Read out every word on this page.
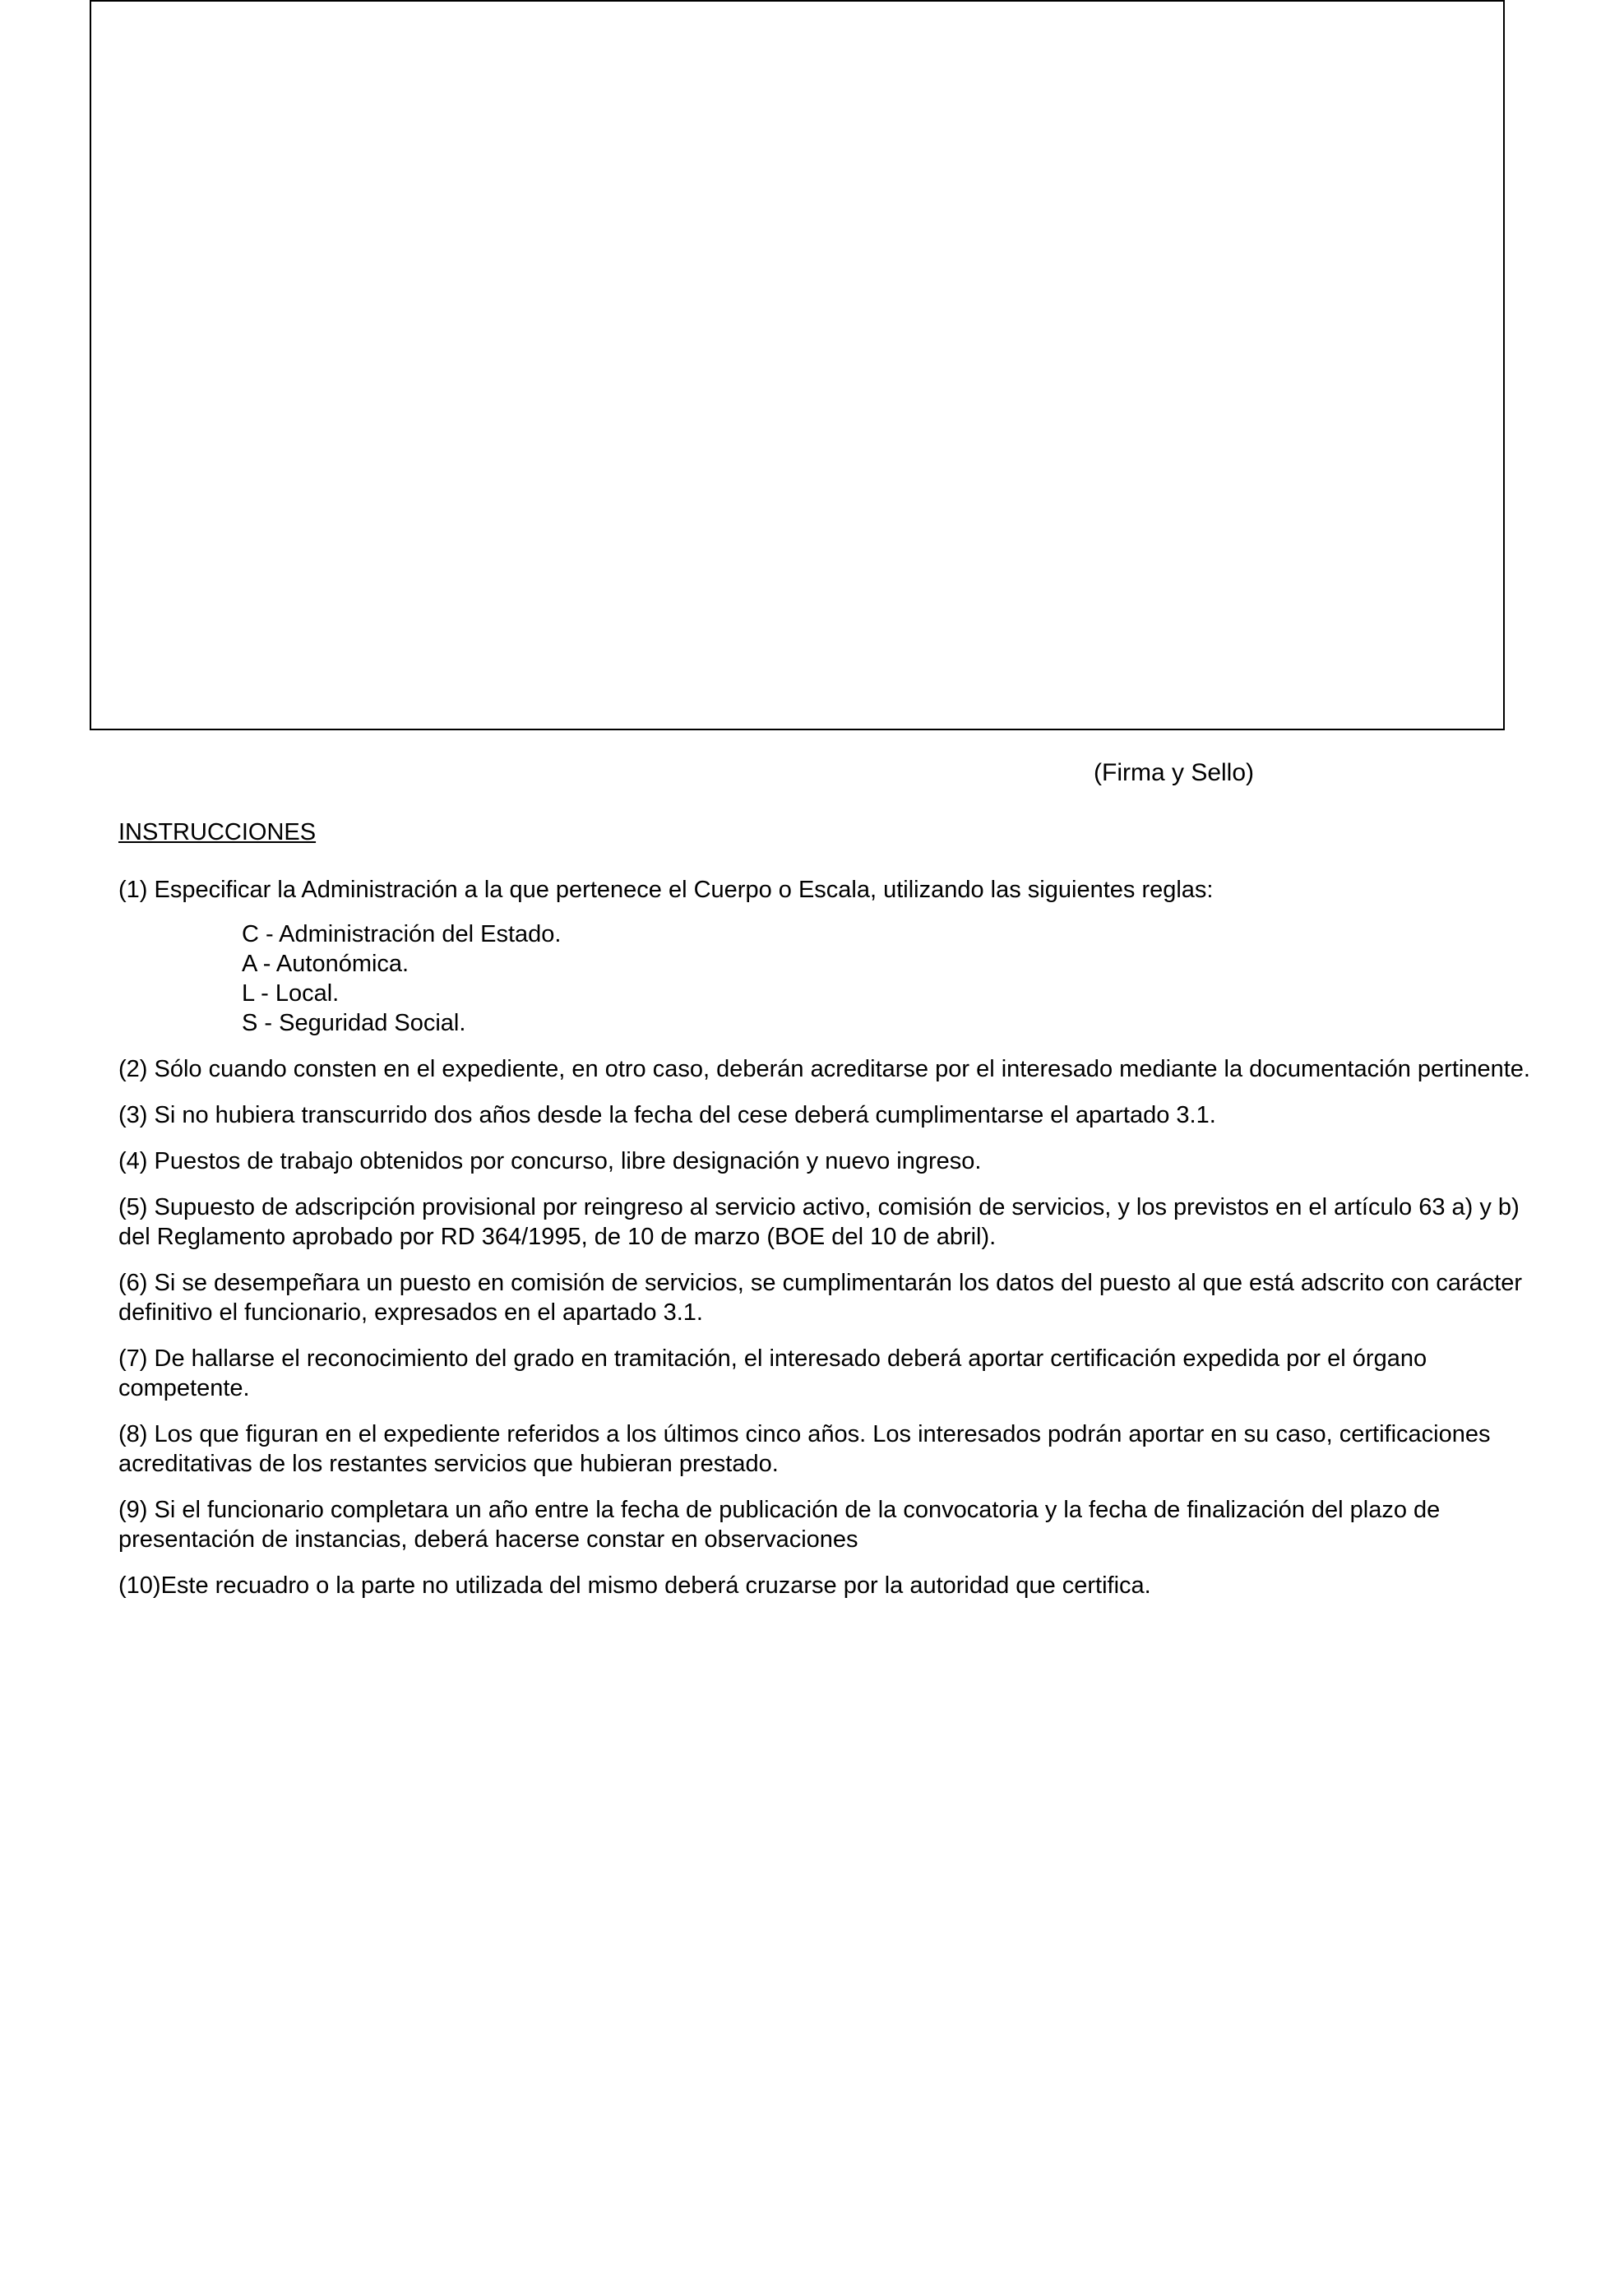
(Firma y Sello)
INSTRUCCIONES
(1) Especificar la Administración a la que pertenece el Cuerpo o Escala, utilizando las siguientes reglas:
C - Administración del Estado.
A - Autonómica.
L - Local.
S - Seguridad Social.
(2) Sólo cuando consten en el expediente, en otro caso, deberán acreditarse por el interesado mediante la documentación pertinente.
(3) Si no hubiera transcurrido dos años desde la fecha del cese deberá cumplimentarse el apartado 3.1.
(4) Puestos de trabajo obtenidos por concurso, libre designación y nuevo ingreso.
(5) Supuesto de adscripción provisional por reingreso al servicio activo, comisión de servicios, y los previstos en el artículo 63 a) y b) del Reglamento aprobado por RD 364/1995, de 10 de marzo (BOE del 10 de abril).
(6) Si se desempeñara un puesto en comisión de servicios, se cumplimentarán los datos del puesto al que está adscrito con carácter definitivo el funcionario, expresados en el apartado 3.1.
(7) De hallarse el reconocimiento del grado en tramitación, el interesado deberá aportar certificación expedida por el órgano competente.
(8) Los que figuran en el expediente referidos a los últimos cinco años. Los interesados podrán aportar en su caso, certificaciones acreditativas de los restantes servicios que hubieran prestado.
(9) Si el funcionario completara un año entre la fecha de publicación de la convocatoria y la fecha de finalización del plazo de presentación de instancias, deberá hacerse constar en observaciones
(10)Este recuadro o la parte no utilizada del mismo deberá cruzarse por la autoridad que certifica.
